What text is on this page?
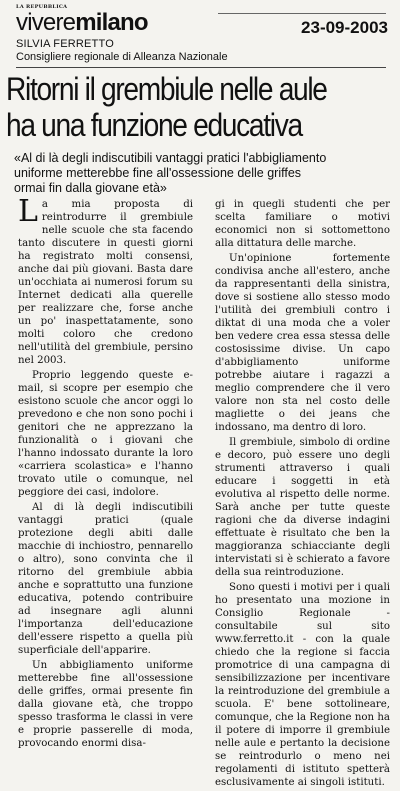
LA REPUBBLICA
viveremilano	23-09-2003
SILVIA FERRETTO
Consigliere regionale di Alleanza Nazionale
Ritorni il grembiule nelle aule
ha una funzione educativa

«Al di là degli indiscutibili vantaggi pratici l'abbigliamento uniforme metterebbe fine all'ossessione delle griffes ormai fin dalla giovane età»

La mia proposta di reintrodurre il grembiule nelle scuole che sta facendo tanto discutere in questi giorni ha registrato molti consensi, anche dai più giovani. Basta dare un'occhiata ai numerosi forum su Internet dedicati alla querelle per realizzare che, forse anche un po' inaspettatamente, sono molti coloro che credono nell'utilità del grembiule, persino nel 2003.

Proprio leggendo queste e-mail, si scopre per esempio che esistono scuole che ancor oggi lo prevedono e che non sono pochi i genitori che ne apprezzano la funzionalità o i giovani che l'hanno indossato durante la loro «carriera scolastica» e l'hanno trovato utile o comunque, nel peggiore dei casi, indolore.

Al di là degli indiscutibili vantaggi pratici (quale protezione degli abiti dalle macchie di inchiostro, pennarello o altro), sono convinta che il ritorno del grembiule abbia anche e soprattutto una funzione educativa, potendo contribuire ad insegnare agli alunni l'importanza dell'educazione dell'essere rispetto a quella più superficiale dell'apparire.

Un abbigliamento uniforme metterebbe fine all'ossessione delle griffes, ormai presente fin dalla giovane età, che troppo spesso trasforma le classi in vere e proprie passerelle di moda, provocando enormi disa-

gi in quegli studenti che per scelta familiare o motivi economici non si sottomettono alla dittatura delle marche.

Un'opinione fortemente condivisa anche all'estero, anche da rappresentanti della sinistra, dove si sostiene allo stesso modo l'utilità dei grembiuli contro i diktat di una moda che a voler ben vedere crea essa stessa delle costosissime divise. Un capo d'abbigliamento uniforme potrebbe aiutare i ragazzi a meglio comprendere che il vero valore non sta nel costo delle magliette o dei jeans che indossano, ma dentro di loro.

Il grembiule, simbolo di ordine e decoro, può essere uno degli strumenti attraverso i quali educare i soggetti in età evolutiva al rispetto delle norme. Sarà anche per tutte queste ragioni che da diverse indagini effettuate è risultato che ben la maggioranza schiacciante degli intervistati si è schierato a favore della sua reintroduzione.

Sono questi i motivi per i quali ho presentato una mozione in Consiglio Regionale - consultabile sul sito www.ferretto.it - con la quale chiedo che la regione si faccia promotrice di una campagna di sensibilizzazione per incentivare la reintroduzione del grembiule a scuola. E' bene sottolineare, comunque, che la Regione non ha il potere di imporre il grembiule nelle aule e pertanto la decisione se reintrodurlo o meno nei regolamenti di istituto spetterà esclusivamente ai singoli istituti.
